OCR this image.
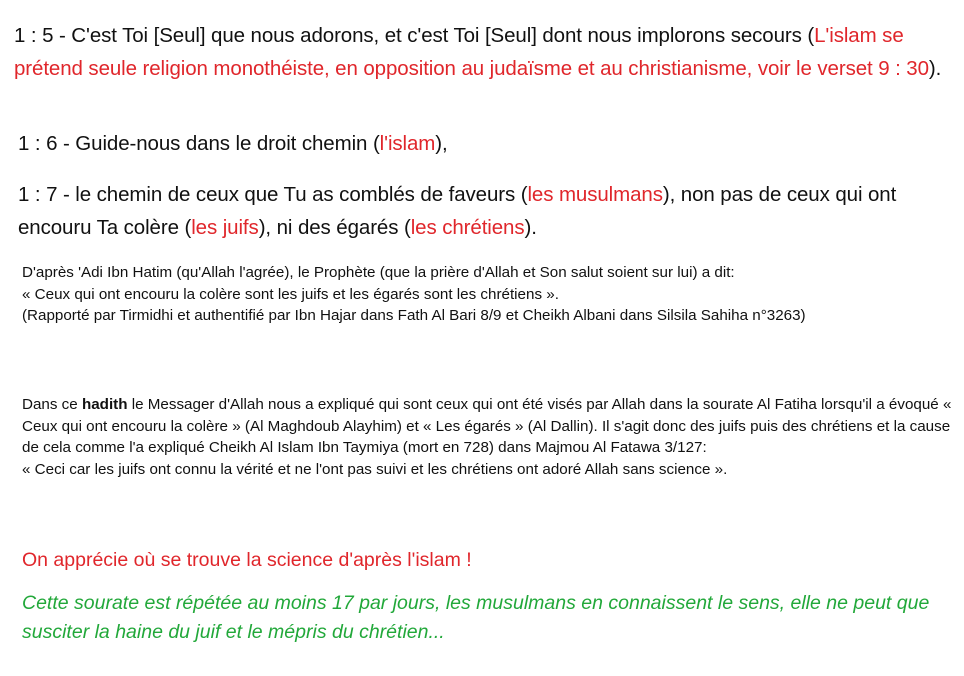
1 : 5 - C'est Toi [Seul] que nous adorons, et c'est Toi [Seul] dont nous implorons secours (L'islam se prétend seule religion monothéiste, en opposition au judaïsme et au christianisme, voir le verset 9 : 30).
1 : 6 - Guide-nous dans le droit chemin (l'islam),
1 : 7 - le chemin de ceux que Tu as comblés de faveurs (les musulmans), non pas de ceux qui ont encouru Ta colère (les juifs), ni des égarés (les chrétiens).

D'après 'Adi Ibn Hatim (qu'Allah l'agrée), le Prophète (que la prière d'Allah et Son salut soient sur lui) a dit:

« Ceux qui ont encouru la colère sont les juifs et les égarés sont les chrétiens ».

(Rapporté par Tirmidhi et authentifié par Ibn Hajar dans Fath Al Bari 8/9 et Cheikh Albani dans Silsila Sahiha n°3263)

Dans ce hadith le Messager d'Allah nous a expliqué qui sont ceux qui ont été visés par Allah dans la sourate Al Fatiha lorsqu'il a évoqué « Ceux qui ont encouru la colère » (Al Maghdoub Alayhim) et « Les égarés » (Al Dallin). Il s'agit donc des juifs puis des chrétiens et la cause de cela comme l'a expliqué Cheikh Al Islam Ibn Taymiya (mort en 728) dans Majmou Al Fatawa 3/127:

« Ceci car les juifs ont connu la vérité et ne l'ont pas suivi et les chrétiens ont adoré Allah sans science ».

On apprécie où se trouve la science d'après l'islam !
Cette sourate est répétée au moins 17 par jours, les musulmans en connaissent le sens, elle ne peut que susciter la haine du juif et le mépris du chrétien...
